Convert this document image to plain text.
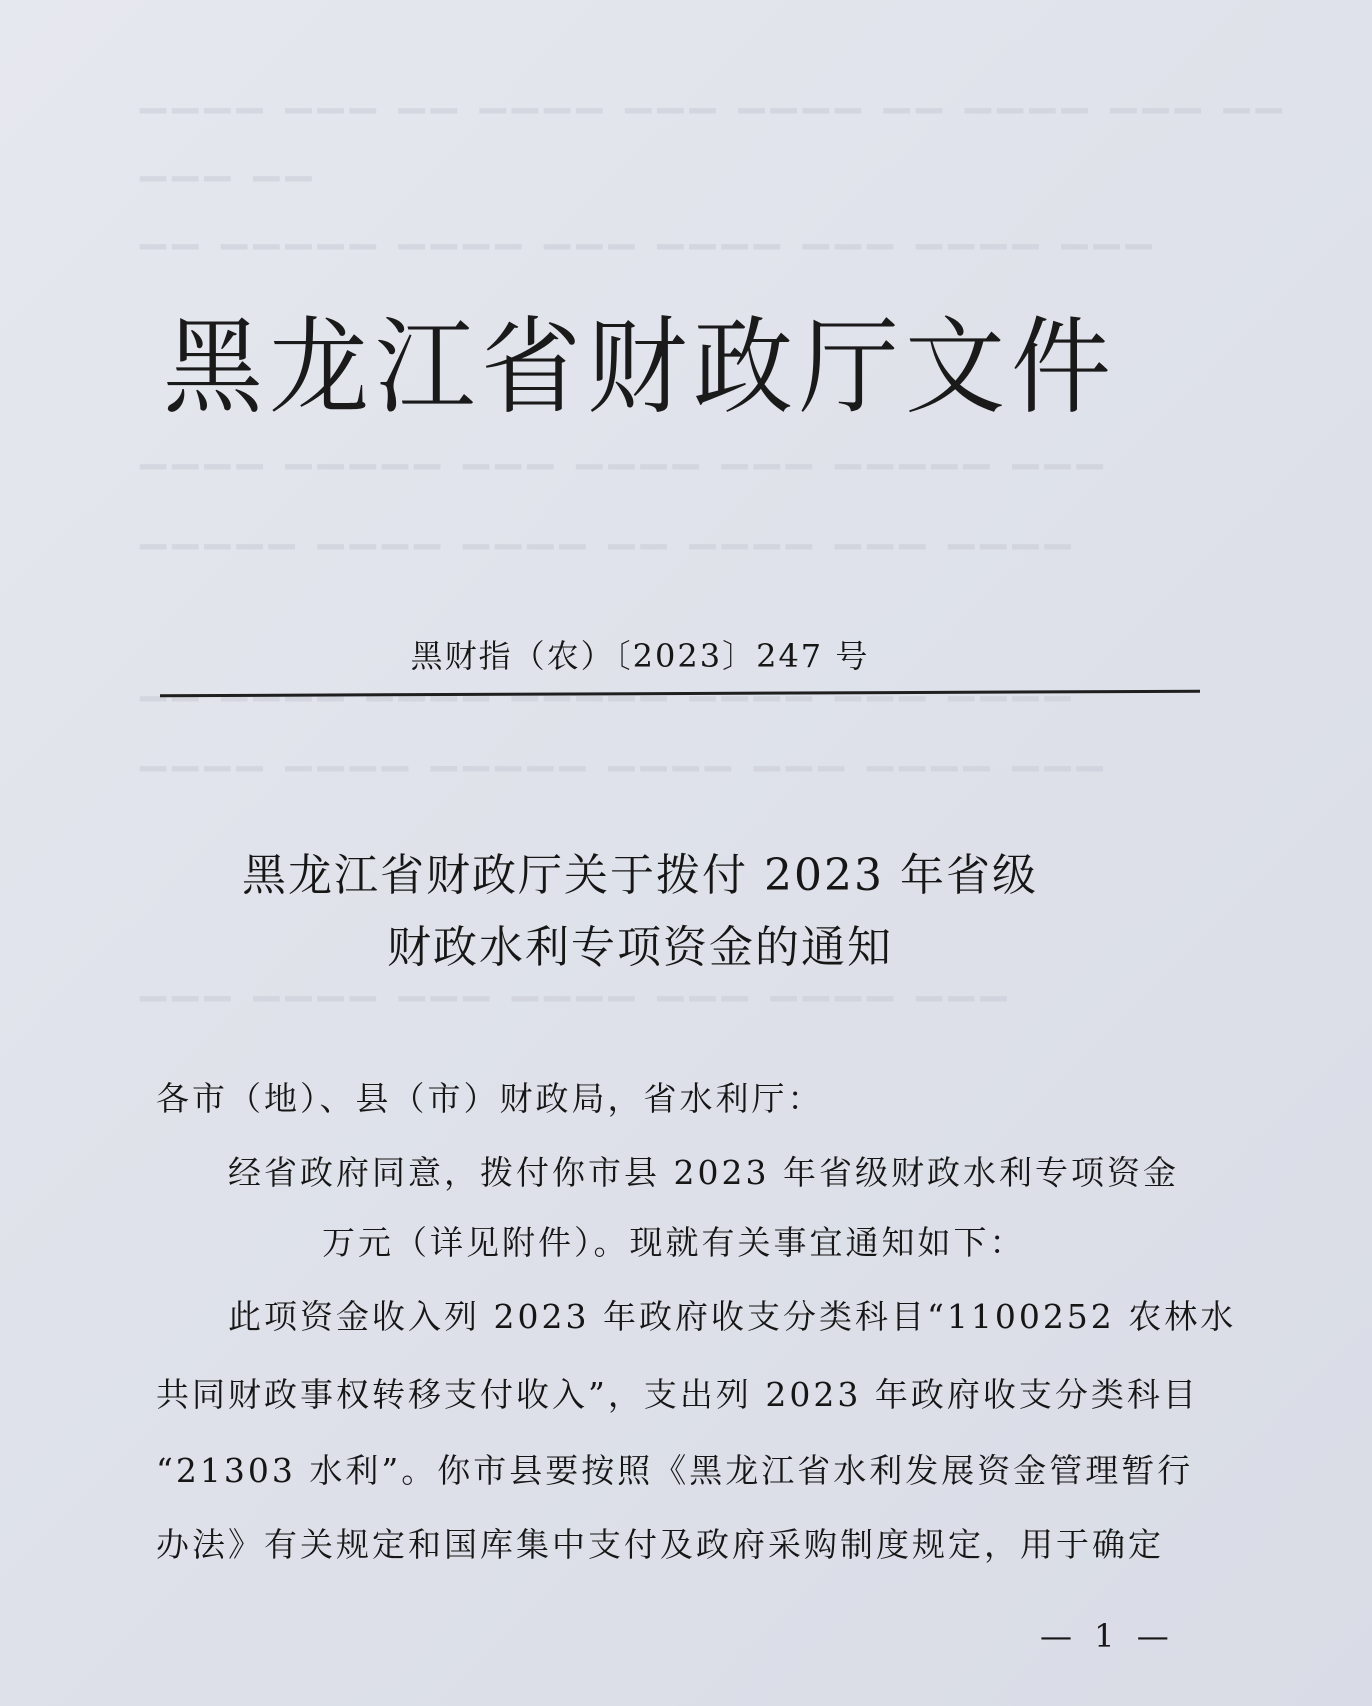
▔▔▔▔ ▔▔▔ ▔▔ ▔▔▔▔ ▔▔▔ ▔▔▔▔ ▔▔ ▔▔▔▔ ▔▔▔ ▔▔
▔▔▔ ▔▔
▔▔ ▔▔▔▔▔ ▔▔▔▔ ▔▔▔ ▔▔▔▔ ▔▔▔ ▔▔▔▔ ▔▔▔
▔▔▔▔ ▔▔▔▔▔ ▔▔▔ ▔▔▔▔ ▔▔▔ ▔▔▔▔▔ ▔▔▔
▔▔▔▔▔ ▔▔▔▔ ▔▔▔▔ ▔▔ ▔▔▔▔ ▔▔▔ ▔▔▔▔
▔▔ ▔▔▔▔ ▔▔▔▔ ▔▔▔▔▔ ▔▔▔▔ ▔▔▔ ▔▔▔▔
▔▔▔▔ ▔▔▔▔ ▔▔▔▔▔ ▔▔▔▔ ▔▔▔ ▔▔▔▔ ▔▔▔
▔▔▔ ▔▔▔▔ ▔▔▔ ▔▔▔▔ ▔▔▔ ▔▔▔▔ ▔▔▔
黑龙江省财政厅文件
黑财指（农）〔2023〕247 号
黑龙江省财政厅关于拨付 2023 年省级
财政水利专项资金的通知
各市（地）、县（市）财政局，省水利厅：
经省政府同意，拨付你市县 2023 年省级财政水利专项资金
万元（详见附件）。现就有关事宜通知如下：
此项资金收入列 2023 年政府收支分类科目“1100252 农林水
共同财政事权转移支付收入”，支出列 2023 年政府收支分类科目
“21303 水利”。你市县要按照《黑龙江省水利发展资金管理暂行
办法》有关规定和国库集中支付及政府采购制度规定，用于确定
— 1 —
